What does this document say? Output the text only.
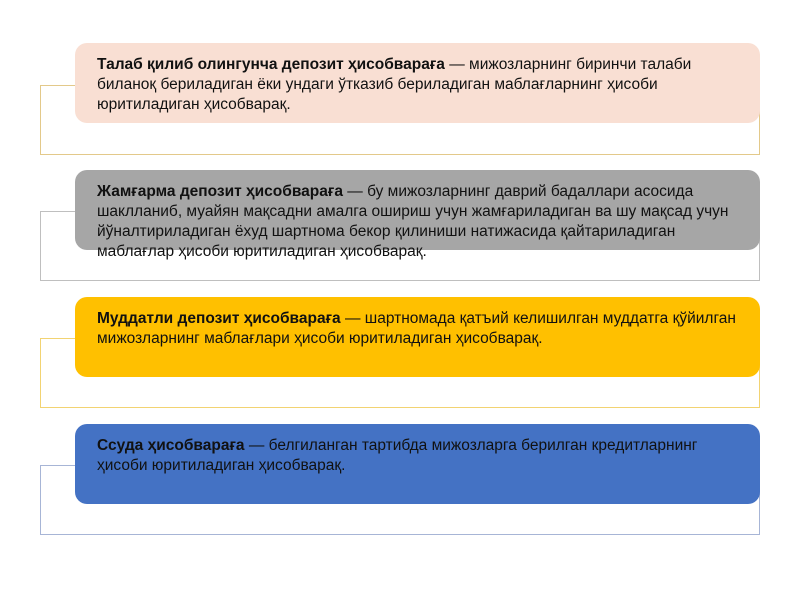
Талаб қилиб олингунча депозит ҳисобвараға — мижозларнинг биринчи талаби биланоқ бериладиган ёки ундаги ўтказиб бериладиган маблағларнинг ҳисоби юритиладиган ҳисобварақ.
Жамғарма депозит ҳисобвараға — бу мижозларнинг даврий бадаллари асосида шаклланиб, муайян мақсадни амалга ошириш учун жамғариладиган ва шу мақсад учун йўналтириладиган ёхуд шартнома бекор қилиниши натижасида қайтариладиган маблағлар ҳисоби юритиладиган ҳисобварақ.
Муддатли депозит ҳисобвараға — шартномада қатъий келишилган муддатга қўйилган мижозларнинг маблағлари ҳисоби юритиладиган ҳисобварақ.
Ссуда ҳисобвараға — белгиланган тартибда мижозларга берилган кредитларнинг ҳисоби юритиладиган ҳисобварақ.
